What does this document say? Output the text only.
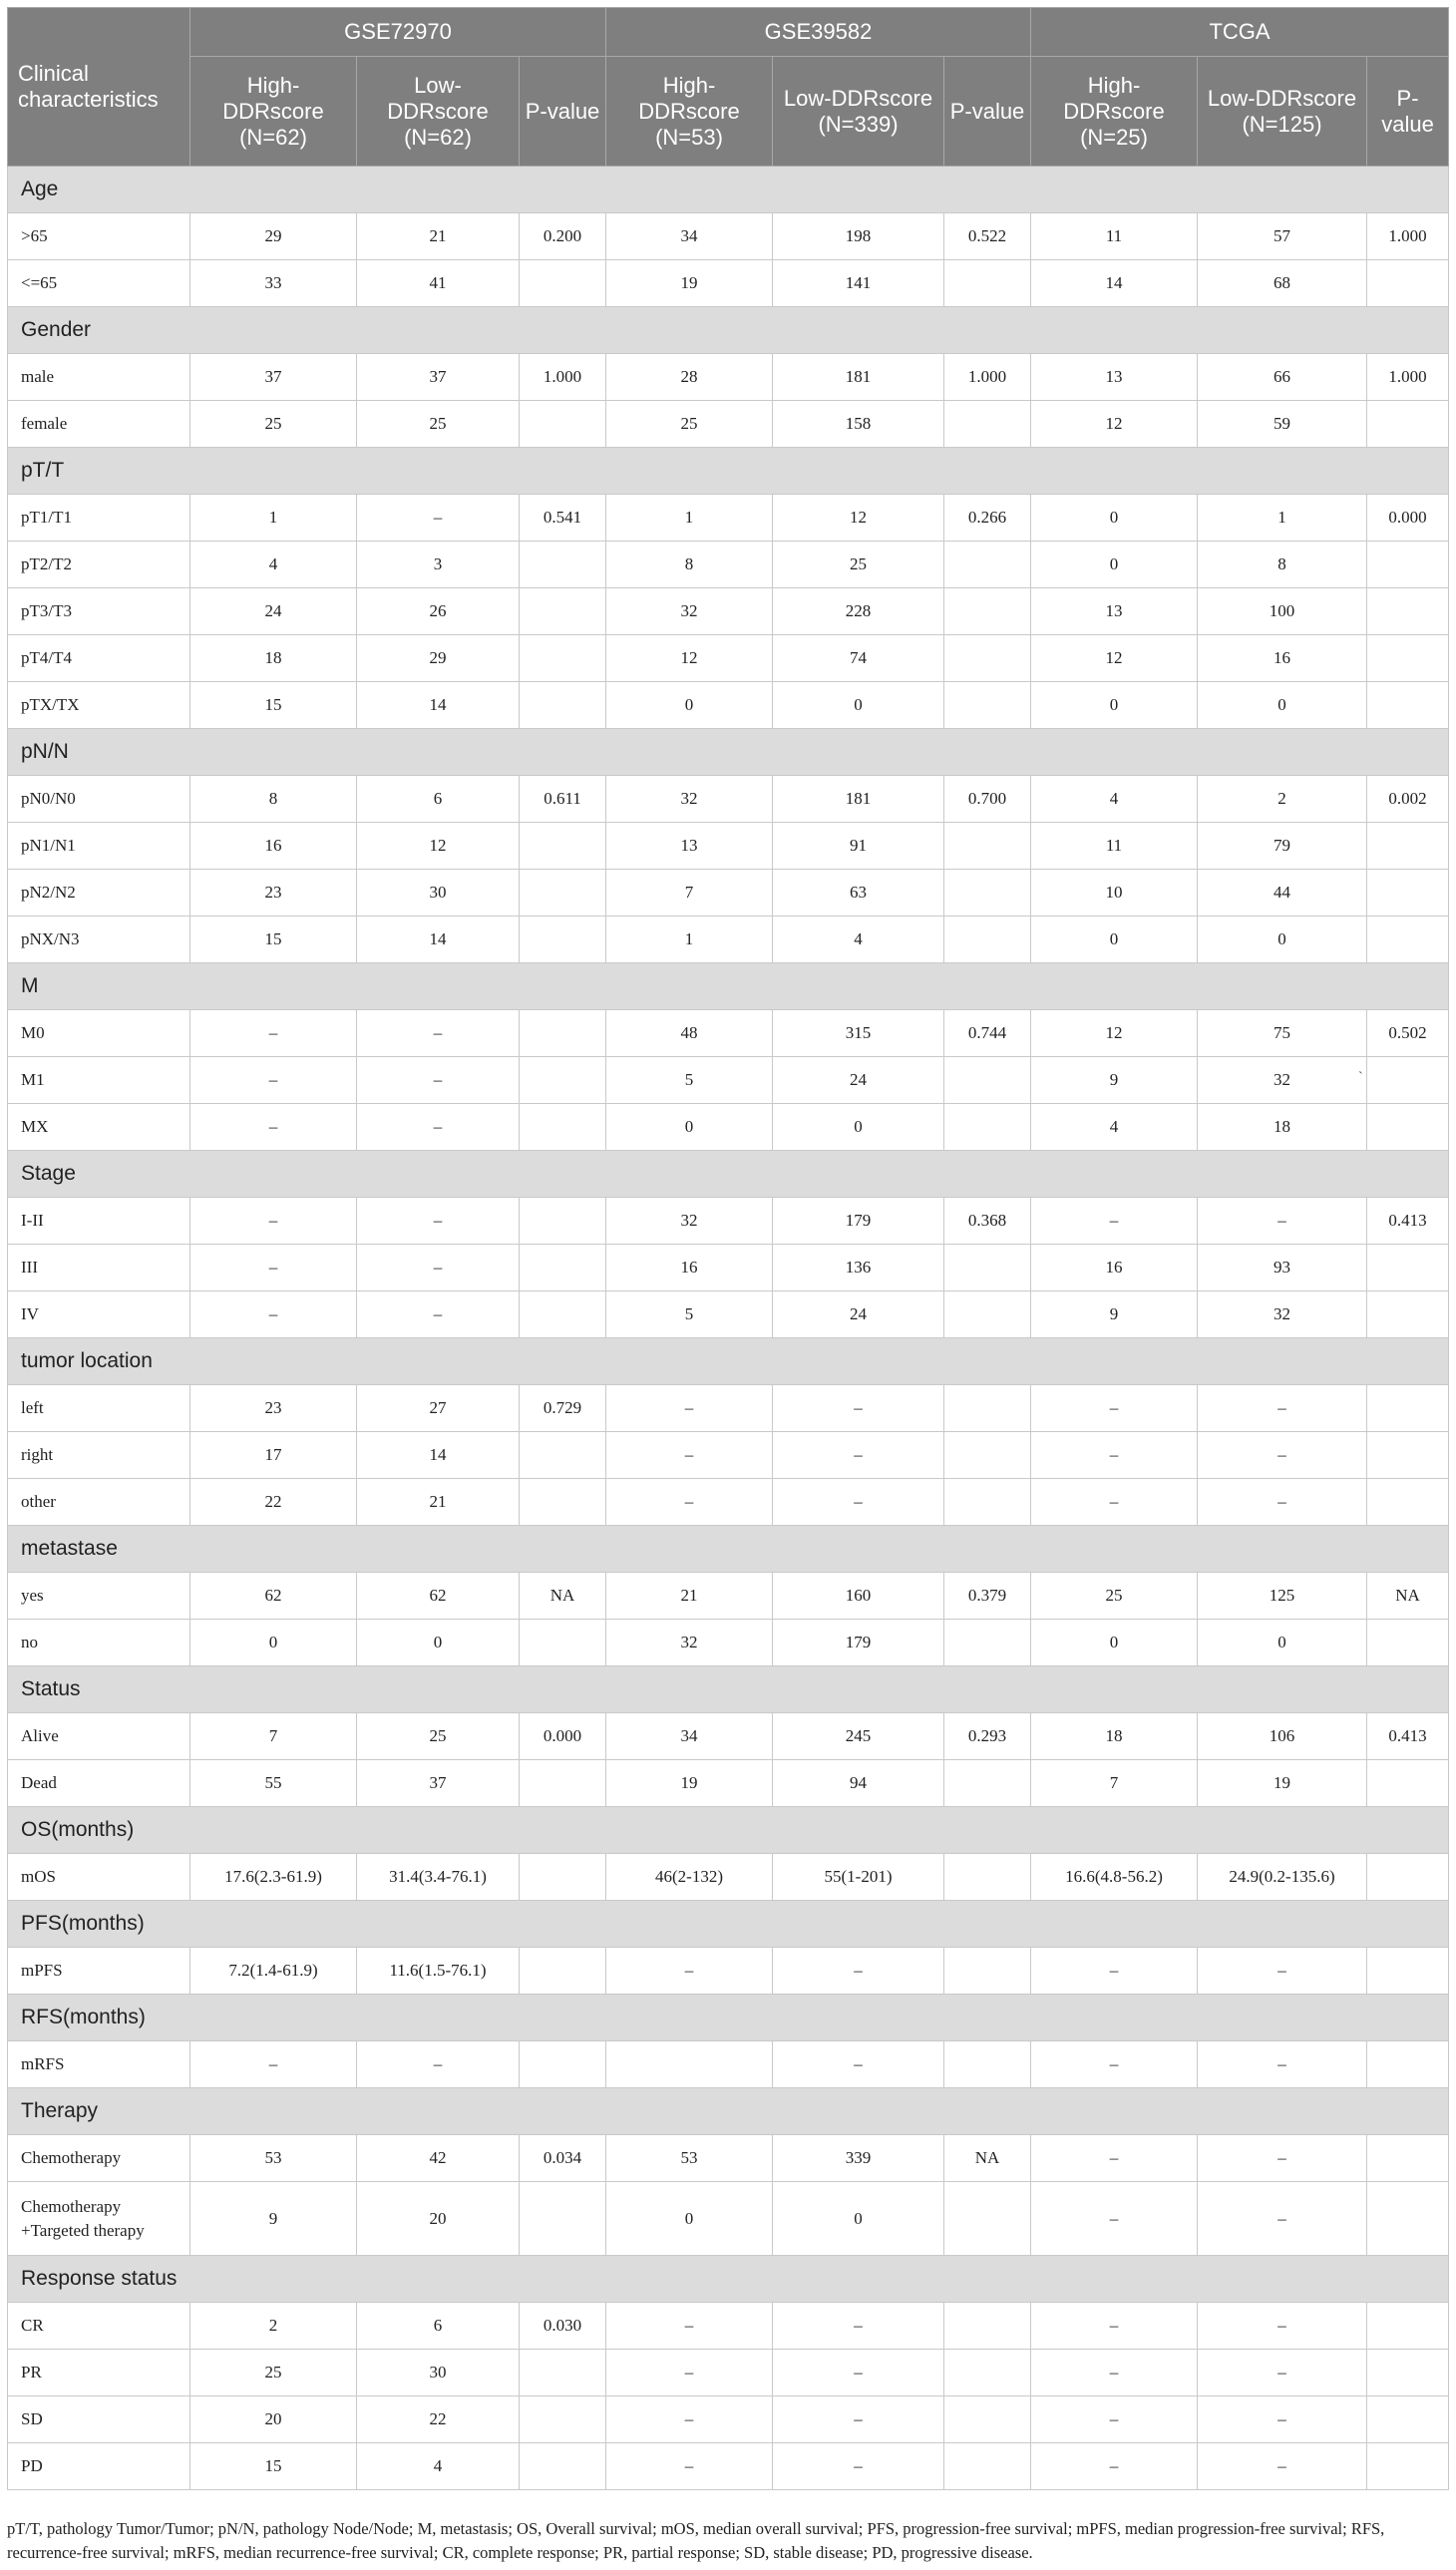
Clinical characteristics	GSE72970			GSE39582			TCGA		
	High-DDRscore (N=62)	Low-DDRscore (N=62)	P-value	High-DDRscore (N=53)	Low-DDRscore (N=339)	P-value	High-DDRscore (N=25)	Low-DDRscore (N=125)	P-value
Age									
>65	29	21	0.200	34	198	0.522	11	57	1.000
<=65	33	41		19	141		14	68	
Gender									
male	37	37	1.000	28	181	1.000	13	66	1.000
female	25	25		25	158		12	59	
pT/T									
pT1/T1	1	–	0.541	1	12	0.266	0	1	0.000
pT2/T2	4	3		8	25		0	8	
pT3/T3	24	26		32	228		13	100	
pT4/T4	18	29		12	74		12	16	
pTX/TX	15	14		0	0		0	0	
pN/N									
pN0/N0	8	6	0.611	32	181	0.700	4	2	0.002
pN1/N1	16	12		13	91		11	79	
pN2/N2	23	30		7	63		10	44	
pNX/N3	15	14		1	4		0	0	
M									
M0	–	–		48	315	0.744	12	75	0.502
M1	–	–		5	24		9	32	
MX	–	–		0	0		4	18	
Stage									
I-II	–	–		32	179	0.368	–	–	0.413
III	–	–		16	136		16	93	
IV	–	–		5	24		9	32	
tumor location									
left	23	27	0.729	–	–		–	–	
right	17	14		–	–		–	–	
other	22	21		–	–		–	–	
metastase									
yes	62	62	NA	21	160	0.379	25	125	NA
no	0	0		32	179		0	0	
Status									
Alive	7	25	0.000	34	245	0.293	18	106	0.413
Dead	55	37		19	94		7	19	
OS(months)									
mOS	17.6(2.3-61.9)	31.4(3.4-76.1)		46(2-132)	55(1-201)		16.6(4.8-56.2)	24.9(0.2-135.6)	
PFS(months)									
mPFS	7.2(1.4-61.9)	11.6(1.5-76.1)		–	–		–	–	
RFS(months)									
mRFS	–	–			–		–	–	
Therapy									
Chemotherapy	53	42	0.034	53	339	NA	–	–	
Chemotherapy +Targeted therapy	9	20		0	0		–	–	
Response status									
CR	2	6	0.030	–	–		–	–	
PR	25	30		–	–		–	–	
SD	20	22		–	–		–	–	
PD	15	4		–	–		–	–	
`
pT/T, pathology Tumor/Tumor; pN/N, pathology Node/Node; M, metastasis; OS, Overall survival; mOS, median overall survival; PFS, progression-free survival; mPFS, median progression-free survival; RFS, recurrence-free survival; mRFS, median recurrence-free survival; CR, complete response; PR, partial response; SD, stable disease; PD, progressive disease.
